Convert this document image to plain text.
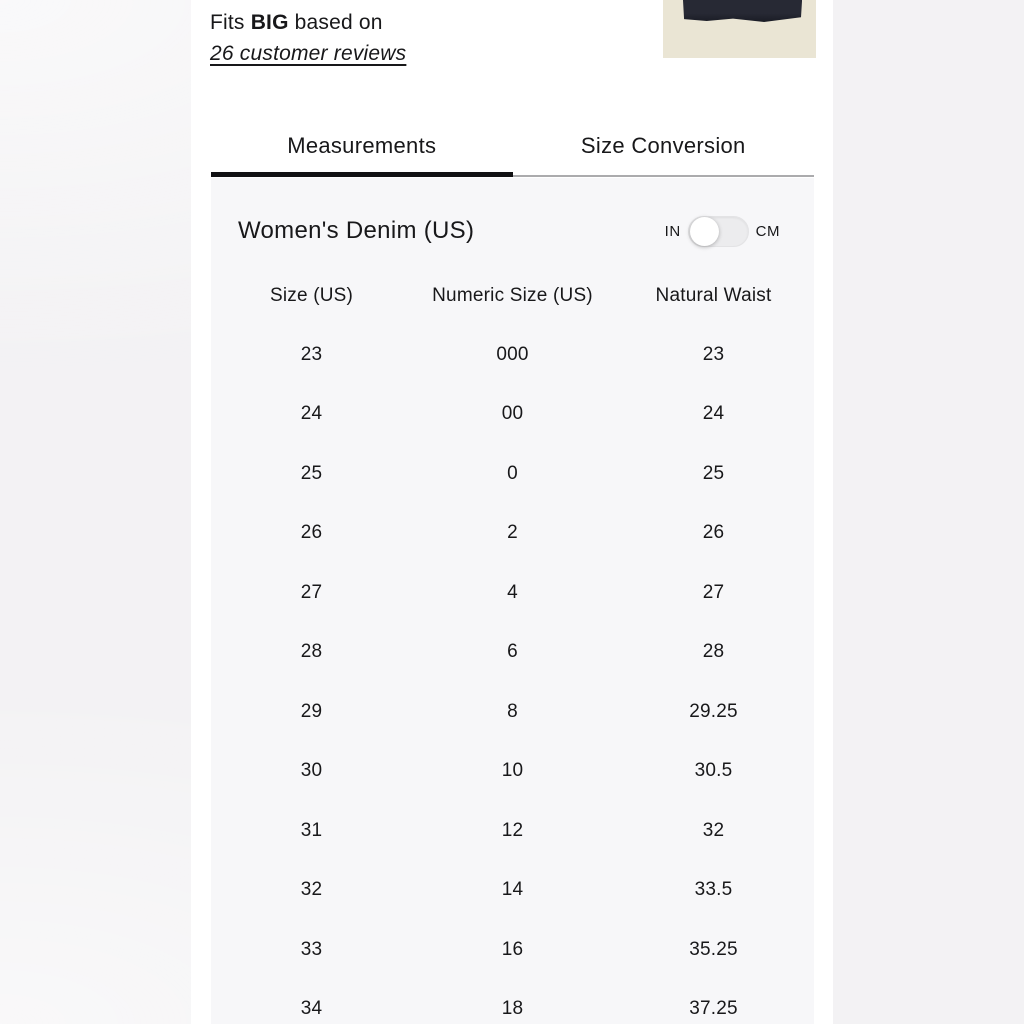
Fits BIG based on
26 customer reviews
Measurements	Size Conversion
Women's Denim (US)	IN	CM
Size (US)	Numeric Size (US)	Natural Waist
23	000	23
24	00	24
25	0	25
26	2	26
27	4	27
28	6	28
29	8	29.25
30	10	30.5
31	12	32
32	14	33.5
33	16	35.25
34	18	37.25
